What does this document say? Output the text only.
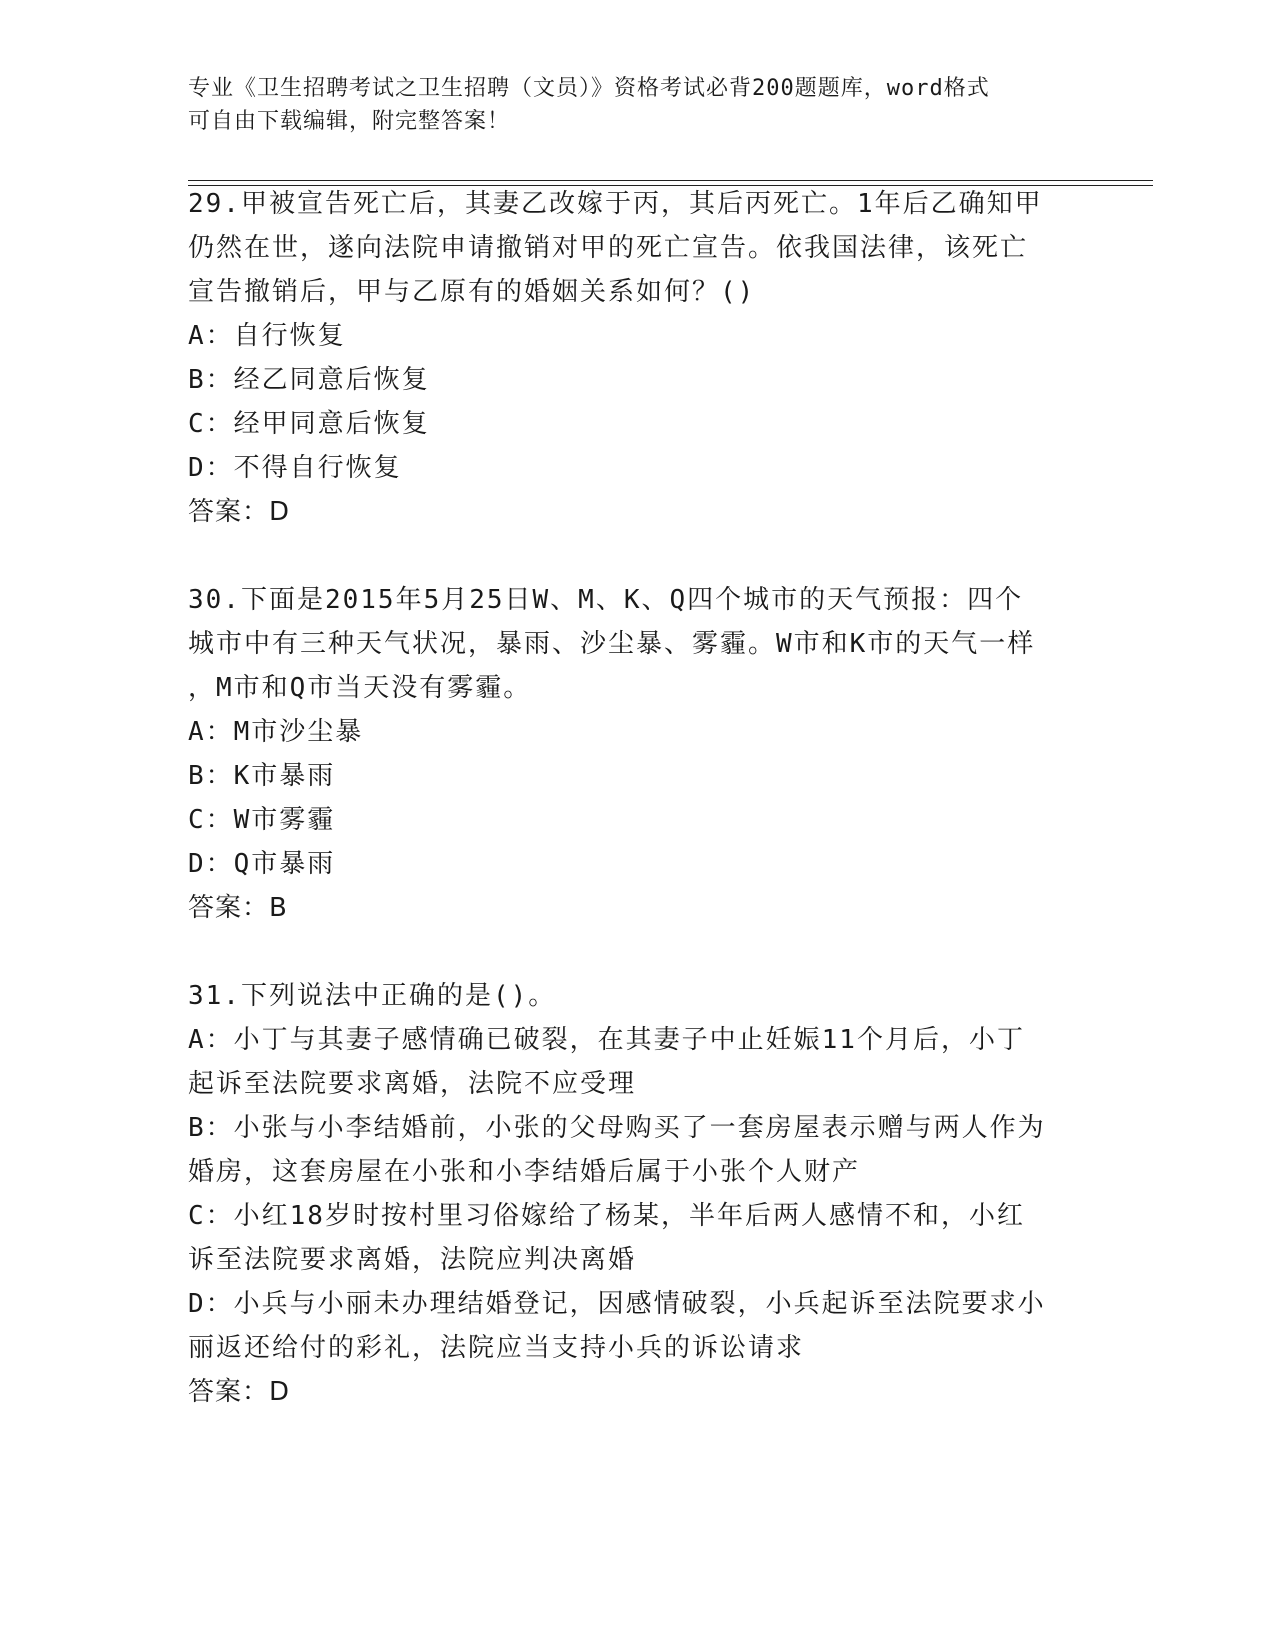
专业《卫生招聘考试之卫生招聘（文员）》资格考试必背200题题库，word格式
可自由下载编辑，附完整答案！
29.甲被宣告死亡后，其妻乙改嫁于丙，其后丙死亡。1年后乙确知甲
仍然在世，遂向法院申请撤销对甲的死亡宣告。依我国法律，该死亡
宣告撤销后，甲与乙原有的婚姻关系如何？()
A：自行恢复
B：经乙同意后恢复
C：经甲同意后恢复
D：不得自行恢复
答案：D
30.下面是2015年5月25日W、M、K、Q四个城市的天气预报：四个
城市中有三种天气状况，暴雨、沙尘暴、雾霾。W市和K市的天气一样
，M市和Q市当天没有雾霾。
A：M市沙尘暴
B：K市暴雨
C：W市雾霾
D：Q市暴雨
答案：B
31.下列说法中正确的是()。
A：小丁与其妻子感情确已破裂，在其妻子中止妊娠11个月后，小丁
起诉至法院要求离婚，法院不应受理
B：小张与小李结婚前，小张的父母购买了一套房屋表示赠与两人作为
婚房，这套房屋在小张和小李结婚后属于小张个人财产
C：小红18岁时按村里习俗嫁给了杨某，半年后两人感情不和，小红
诉至法院要求离婚，法院应判决离婚
D：小兵与小丽未办理结婚登记，因感情破裂，小兵起诉至法院要求小
丽返还给付的彩礼，法院应当支持小兵的诉讼请求
答案：D
